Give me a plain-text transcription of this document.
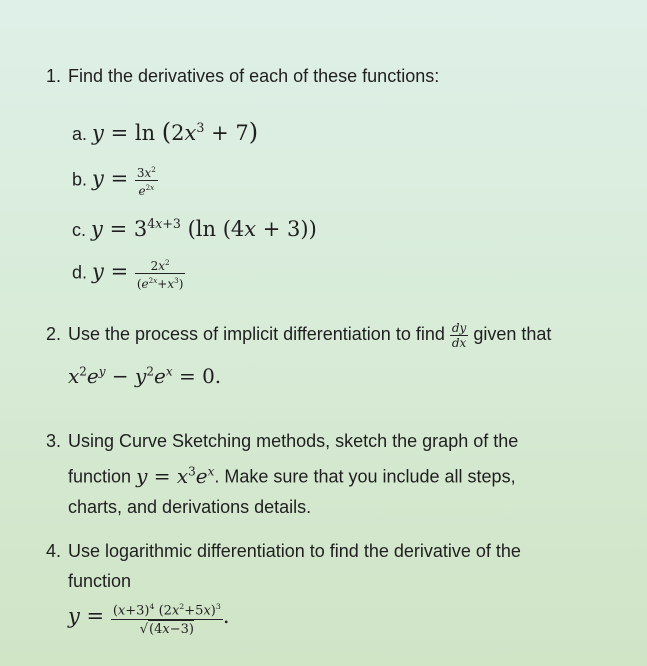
1. Find the derivatives of each of these functions:
a. $y = \ln (2x^3 + 7)$
b. $y = \frac{3x^2}{e^{2x}}$
c. $y = 3^{4x+3}$ (ln (4x + 3))
d. $y = \frac{2x^2}{(e^{2x}+x^3)}$
2. Use the process of implicit differentiation to find $\frac{dy}{dx}$ given that
$x^2e^y - y^2e^x = 0$.
3. Using Curve Sketching methods, sketch the graph of the
function $y = x^3e^x$. Make sure that you include all steps,
charts, and derivations details.
4. Use logarithmic differentiation to find the derivative of the
function
$y = \frac{(x+3)^4 (2x^2+5x)^3}{√(4x-3)}$ .
